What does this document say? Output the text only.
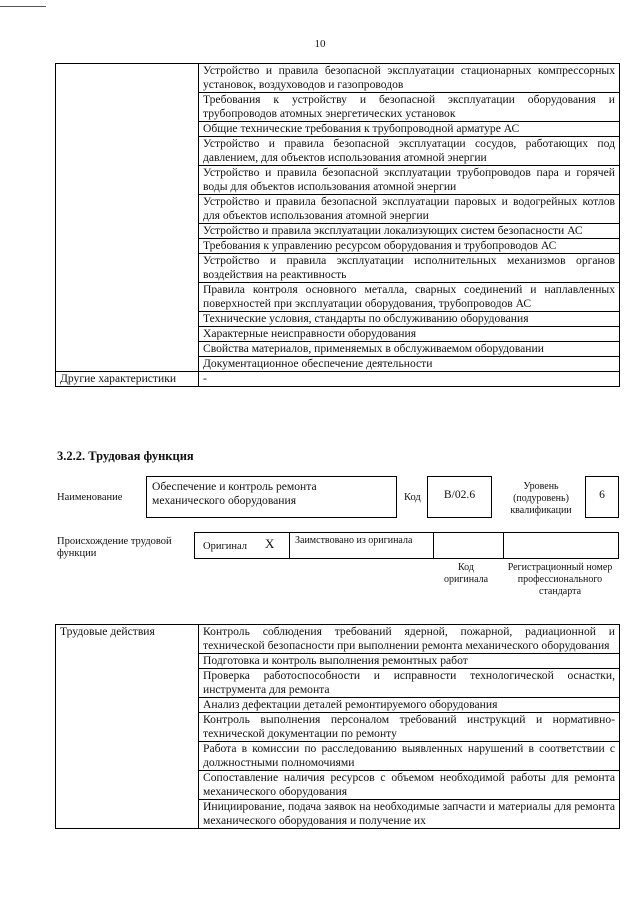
10
	Устройство и правила безопасной эксплуатации стационарных компрессорных установок, воздуховодов и газопроводов
	Требования к устройству и безопасной эксплуатации оборудования и трубопроводов атомных энергетических установок
	Общие технические требования к трубопроводной арматуре АС
	Устройство и правила безопасной эксплуатации сосудов, работающих под давлением, для объектов использования атомной энергии
	Устройство и правила безопасной эксплуатации трубопроводов пара и горячей воды для объектов использования атомной энергии
	Устройство и правила безопасной эксплуатации паровых и водогрейных котлов для объектов использования атомной энергии
	Устройство и правила эксплуатации локализующих систем безопасности АС
	Требования к управлению ресурсом оборудования и трубопроводов АС
	Устройство и правила эксплуатации исполнительных механизмов органов воздействия на реактивность
	Правила контроля основного металла, сварных соединений и наплавленных поверхностей при эксплуатации оборудования, трубопроводов АС
	Технические условия, стандарты по обслуживанию оборудования
	Характерные неисправности оборудования
	Свойства материалов, применяемых в обслуживаемом оборудовании
	Документационное обеспечение деятельности
Другие характеристики	-
3.2.2. Трудовая функция
Наименование
Обеспечение и контроль ремонта механического оборудования	Код	В/02.6
Уровень (подуровень) квалификации
6
Происхождение трудовой функции
Оригинал X Заимствовано из оригинала
Код оригинала
Регистрационный номер профессионального стандарта
Трудовые действия	Контроль соблюдения требований ядерной, пожарной, радиационной и технической безопасности при выполнении ремонта механического оборудования
Подготовка и контроль выполнения ремонтных работ
Проверка работоспособности и исправности технологической оснастки, инструмента для ремонта
Анализ дефектации деталей ремонтируемого оборудования
Контроль выполнения персоналом требований инструкций и нормативно-технической документации по ремонту
Работа в комиссии по расследованию выявленных нарушений в соответствии с должностными полномочиями
Сопоставление наличия ресурсов с объемом необходимой работы для ремонта механического оборудования
Инициирование, подача заявок на необходимые запчасти и материалы для ремонта механического оборудования и получение их
